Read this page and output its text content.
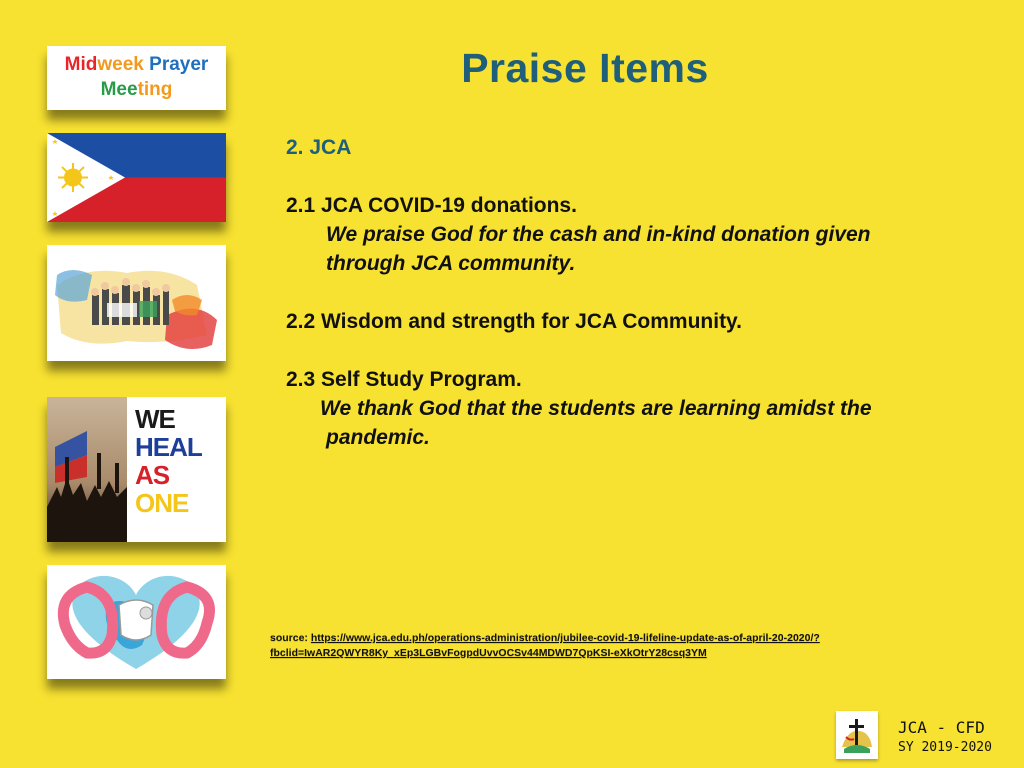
Midweek Prayer
Meeting
WE
HEAL
AS
ONE
Praise Items
2. JCA
2.1 JCA COVID-19 donations.
We praise God for the cash and in-kind donation given
through JCA community.
2.2 Wisdom and strength for JCA Community.
2.3 Self Study Program.
We thank God that the students are learning amidst the
pandemic.
source: https://www.jca.edu.ph/operations-administration/jubilee-covid-19-lifeline-update-as-of-april-20-2020/?
fbclid=IwAR2QWYR8Ky_xEp3LGBvFogpdUvvOCSv44MDWD7QpKSI-eXkOtrY28csq3YM
JCA - CFD
SY 2019-2020
